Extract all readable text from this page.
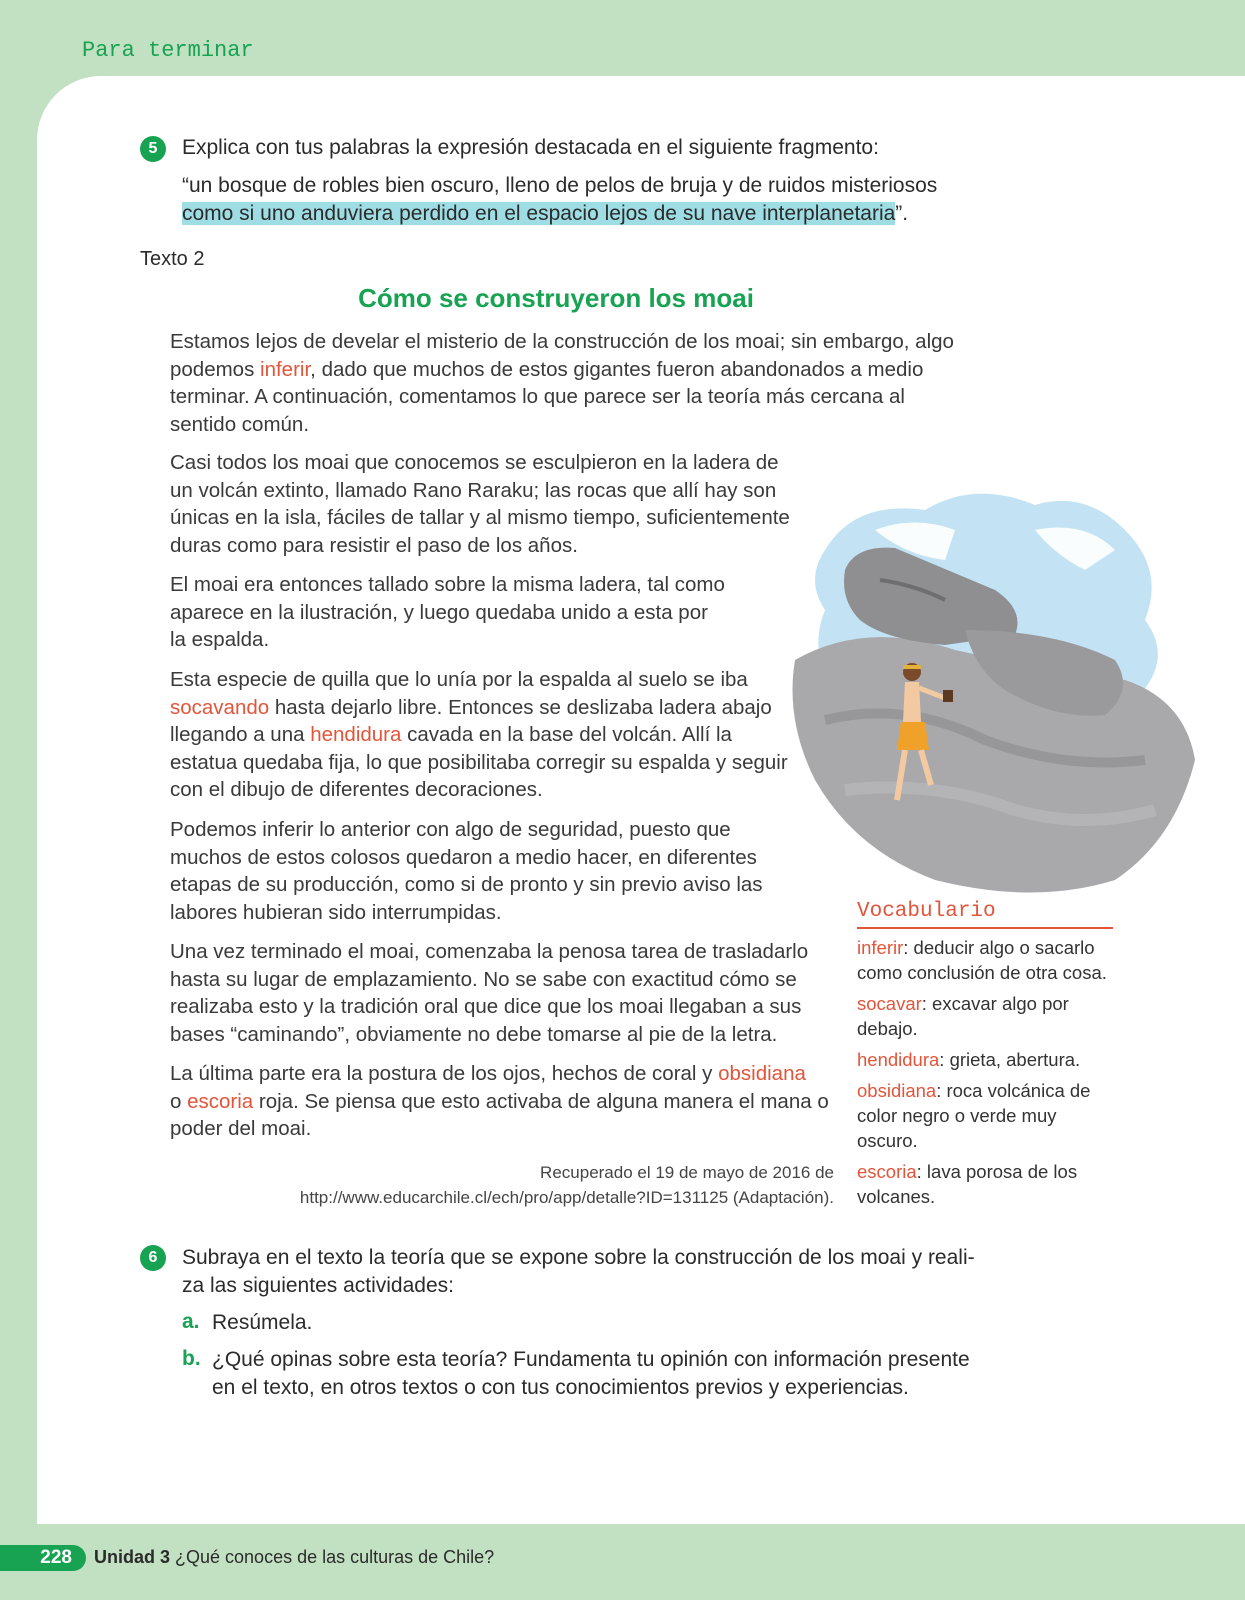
Para terminar
5	Explica con tus palabras la expresión destacada en el siguiente fragmento:
“un bosque de robles bien oscuro, lleno de pelos de bruja y de ruidos misteriosos
como si uno anduviera perdido en el espacio lejos de su nave interplanetaria”.
Texto 2
Cómo se construyeron los moai
Estamos lejos de develar el misterio de la construcción de los moai; sin embargo, algo
podemos inferir, dado que muchos de estos gigantes fueron abandonados a medio
terminar. A continuación, comentamos lo que parece ser la teoría más cercana al
sentido común.
Casi todos los moai que conocemos se esculpieron en la ladera de
un volcán extinto, llamado Rano Raraku; las rocas que allí hay son
únicas en la isla, fáciles de tallar y al mismo tiempo, suficientemente
duras como para resistir el paso de los años.
El moai era entonces tallado sobre la misma ladera, tal como
aparece en la ilustración, y luego quedaba unido a esta por
la espalda.
Esta especie de quilla que lo unía por la espalda al suelo se iba
socavando hasta dejarlo libre. Entonces se deslizaba ladera abajo
llegando a una hendidura cavada en la base del volcán. Allí la
estatua quedaba fija, lo que posibilitaba corregir su espalda y seguir
con el dibujo de diferentes decoraciones.
Podemos inferir lo anterior con algo de seguridad, puesto que
muchos de estos colosos quedaron a medio hacer, en diferentes
etapas de su producción, como si de pronto y sin previo aviso las
labores hubieran sido interrumpidas.
Una vez terminado el moai, comenzaba la penosa tarea de trasladarlo
hasta su lugar de emplazamiento. No se sabe con exactitud cómo se
realizaba esto y la tradición oral que dice que los moai llegaban a sus
bases “caminando”, obviamente no debe tomarse al pie de la letra.
La última parte era la postura de los ojos, hechos de coral y obsidiana
o escoria roja. Se piensa que esto activaba de alguna manera el mana o
poder del moai.
Recuperado el 19 de mayo de 2016 de
http://www.educarchile.cl/ech/pro/app/detalle?ID=131125 (Adaptación).
Vocabulario
inferir: deducir algo o sacarlo como conclusión de otra cosa.
socavar: excavar algo por debajo.
hendidura: grieta, abertura.
obsidiana: roca volcánica de color negro o verde muy oscuro.
escoria: lava porosa de los volcanes.
6	Subraya en el texto la teoría que se expone sobre la construcción de los moai y reali-
za las siguientes actividades:
a. Resúmela.
b. ¿Qué opinas sobre esta teoría? Fundamenta tu opinión con información presente
en el texto, en otros textos o con tus conocimientos previos y experiencias.
228	Unidad 3 ¿Qué conoces de las culturas de Chile?
